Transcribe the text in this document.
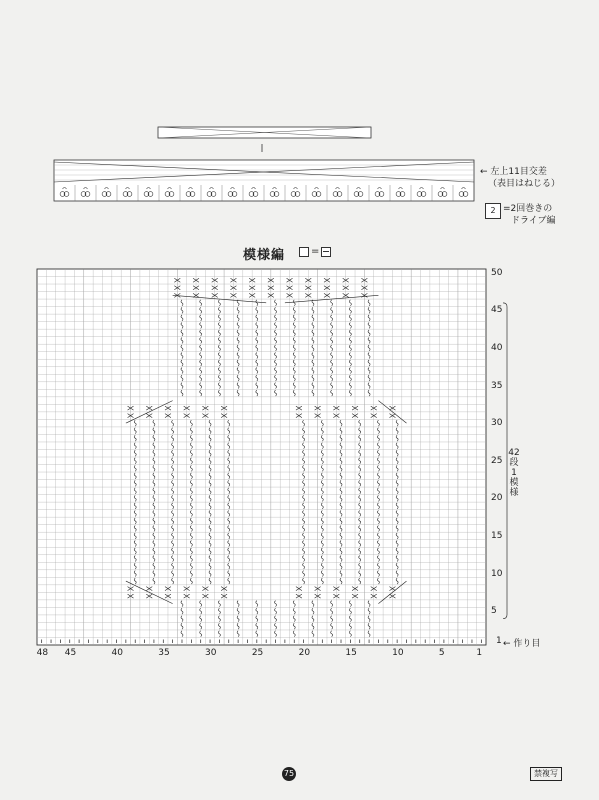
← 左上11目交差
（表目はねじる）
2 =2回巻きの
ドライブ編
模様編	=
50
45
40
35
30
25
20
15
10
5
48 45	40	35	30	25	20	15	10	5	1
1 ← 作り目
42段1模様
75	禁複写
